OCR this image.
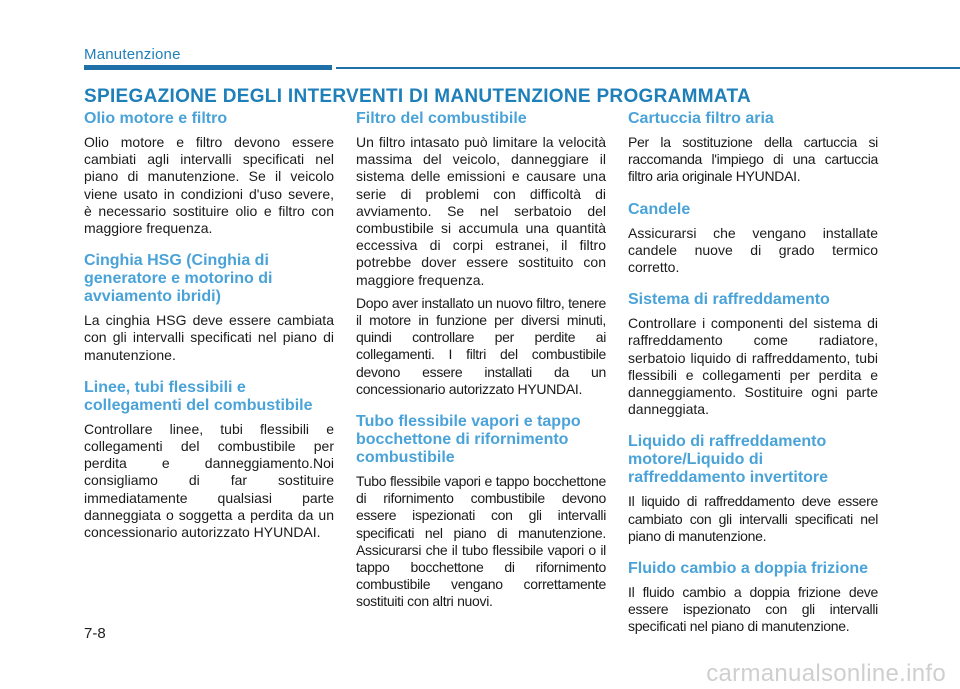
Manutenzione
SPIEGAZIONE DEGLI INTERVENTI DI MANUTENZIONE PROGRAMMATA
Olio motore e filtro

Olio motore e filtro devono essere cambiati agli intervalli specificati nel piano di manutenzione. Se il veicolo viene usato in condizioni d'uso severe, è necessario sostituire olio e filtro con maggiore frequenza.

Cinghia HSG (Cinghia di generatore e motorino di avviamento ibridi)

La cinghia HSG deve essere cambiata con gli intervalli specificati nel piano di manutenzione.

Linee, tubi flessibili e collegamenti del combustibile

Controllare linee, tubi flessibili e collegamenti del combustibile per perdita e danneggiamento.Noi consigliamo di far sostituire immediatamente qualsiasi parte danneggiata o soggetta a perdita da un concessionario autorizzato HYUNDAI.

Filtro del combustibile

Un filtro intasato può limitare la velocità massima del veicolo, danneggiare il sistema delle emissioni e causare una serie di problemi con difficoltà di avviamento. Se nel serbatoio del combustibile si accumula una quantità eccessiva di corpi estranei, il filtro potrebbe dover essere sostituito con maggiore frequenza.

Dopo aver installato un nuovo filtro, tenere il motore in funzione per diversi minuti, quindi controllare per perdite ai collegamenti. I filtri del combustibile devono essere installati da un concessionario autorizzato HYUNDAI.

Tubo flessibile vapori e tappo bocchettone di rifornimento combustibile

Tubo flessibile vapori e tappo bocchettone di rifornimento combustibile devono essere ispezionati con gli intervalli specificati nel piano di manutenzione. Assicurarsi che il tubo flessibile vapori o il tappo bocchettone di rifornimento combustibile vengano correttamente sostituiti con altri nuovi.

Cartuccia filtro aria

Per la sostituzione della cartuccia si raccomanda l'impiego di una cartuccia filtro aria originale HYUNDAI.

Candele

Assicurarsi che vengano installate candele nuove di grado termico corretto.

Sistema di raffreddamento

Controllare i componenti del sistema di raffreddamento come radiatore, serbatoio liquido di raffreddamento, tubi flessibili e collegamenti per perdita e danneggiamento. Sostituire ogni parte danneggiata.

Liquido di raffreddamento motore/Liquido di raffreddamento invertitore

Il liquido di raffreddamento deve essere cambiato con gli intervalli specificati nel piano di manutenzione.

Fluido cambio a doppia frizione

Il fluido cambio a doppia frizione deve essere ispezionato con gli intervalli specificati nel piano di manutenzione.

7-8
carmanualsonline.info
